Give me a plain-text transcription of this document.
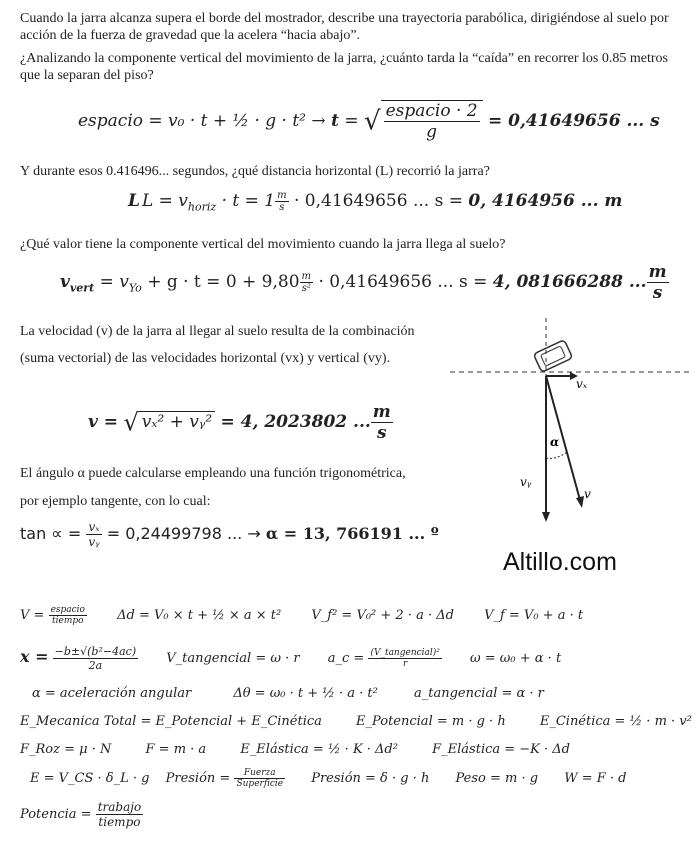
Cuando la jarra alcanza supera el borde del mostrador, describe una trayectoria parabólica, dirigiéndose al suelo por acción de la fuerza de gravedad que la acelera “hacia abajo”.
¿Analizando la componente vertical del movimiento de la jarra, ¿cuánto tarda la “caída” en recorrer los 0.85 metros que la separan del piso?
espacio = v₀ · t + ½ · g · t² → t = √ $\frac{\text{espacio · 2}}{g} = 0,41649656$ ... s
Y durante esos 0.416496... segundos, ¿qué distancia horizontal (L) recorrió la jarra?
L $L = v_{horiz} \cdot t = 1 \frac{m}{s} \cdot 0,41649656$ ... s = 0, 4164956 ... m
¿Qué valor tiene la componente vertical del movimiento cuando la jarra llega al suelo?
$v_{vert} = v_{Yo} + g \cdot t = 0 + 9,80 \frac{m}{\text{s²}} \cdot 0,41649656$ ... s = 4, 081666288 ... $\frac{m}{s}$
La velocidad (v) de la jarra al llegar al suelo resulta de la combinación (suma vectorial) de las velocidades horizontal (vx) y vertical (vy).
v = √ vₓ² + vᵧ² = 4, 2023802 ... $\frac{m}{s}$
El ángulo α puede calcularse empleando una función trigonométrica, por ejemplo tangente, con lo cual:
tan ∝ = $\frac{\text{vₓ}}{\text{vᵧ}} = 0,24499798$ ... → α = 13, 766191 ... º
vₓ
vᵧ
v
α
Altillo.com
V = espacio
tiempo	Δd = V₀ × t + ½ × a × t² V_f² = V₀² + 2 · a · Δd V_f = V₀ + a · t
$x = \frac{\text{−b±√(b²−4ac)}}{2a}$ V_tangencial = ω · r a_c = (V_tangencial)²
r	ω = ω₀ + α · t
α = aceleración angular	Δθ = ω₀ · t + ½ · a · t²	a_tangencial = α · r
E_Mecanica Total = E_Potencial + E_Cinética	E_Potencial = m · g · h	E_Cinética = ½ · m · v²
F_Roz = μ · N	F = m · a	E_Elástica = ½ · K · Δd²	F_Elástica = −K · Δd
E = V_CS · δ_L · g Presión =	Fuerza
Superficie Presión = δ · g · h Peso = m · g W = F · d
Potencia = trabajo
tiempo
